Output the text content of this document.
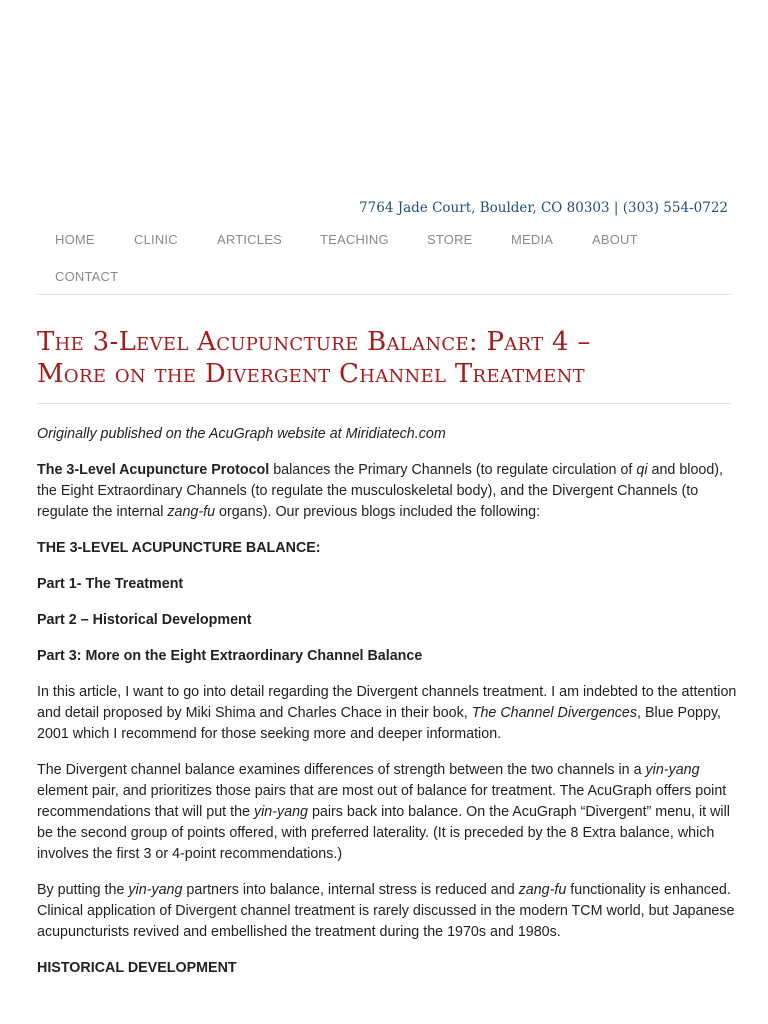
7764 Jade Court, Boulder, CO 80303 | (303) 554-0722
HOME	CLINIC	ARTICLES	TEACHING	STORE	MEDIA	ABOUT
CONTACT
The 3-Level Acupuncture Balance: Part 4 –
More on the Divergent Channel Treatment

Originally published on the AcuGraph website at Miridiatech.com

The 3-Level Acupuncture Protocol balances the Primary Channels (to regulate circulation of qi and blood), the Eight Extraordinary Channels (to regulate the musculoskeletal body), and the Divergent Channels (to regulate the internal zang-fu organs). Our previous blogs included the following:

THE 3-LEVEL ACUPUNCTURE BALANCE:

Part 1- The Treatment

Part 2 – Historical Development

Part 3: More on the Eight Extraordinary Channel Balance

In this article, I want to go into detail regarding the Divergent channels treatment. I am indebted to the attention and detail proposed by Miki Shima and Charles Chace in their book, The Channel Divergences, Blue Poppy, 2001 which I recommend for those seeking more and deeper information.

The Divergent channel balance examines differences of strength between the two channels in a yin-yang element pair, and prioritizes those pairs that are most out of balance for treatment. The AcuGraph offers point recommendations that will put the yin-yang pairs back into balance. On the AcuGraph “Divergent” menu, it will be the second group of points offered, with preferred laterality. (It is preceded by the 8 Extra balance, which involves the first 3 or 4-point recommendations.)

By putting the yin-yang partners into balance, internal stress is reduced and zang-fu functionality is enhanced. Clinical application of Divergent channel treatment is rarely discussed in the modern TCM world, but Japanese acupuncturists revived and embellished the treatment during the 1970s and 1980s.

HISTORICAL DEVELOPMENT
